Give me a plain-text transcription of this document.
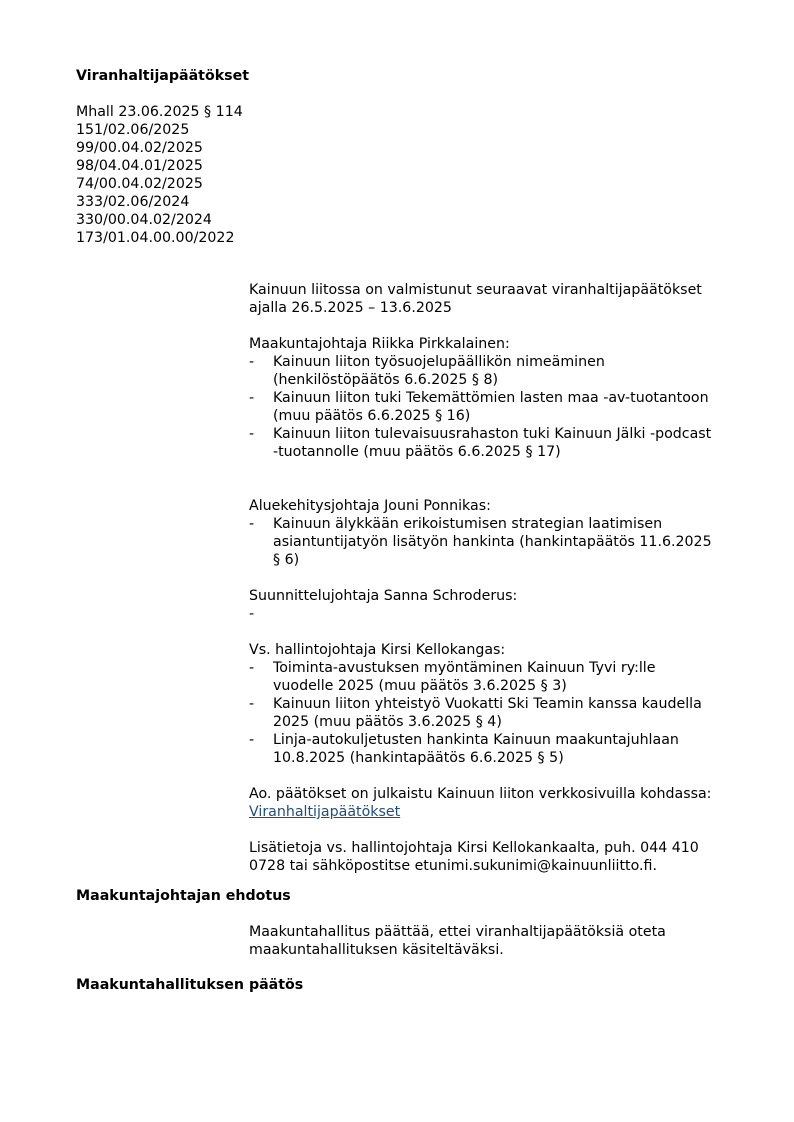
Viranhaltijapäätökset
Mhall 23.06.2025 § 114
151/02.06/2025
99/00.04.02/2025
98/04.04.01/2025
74/00.04.02/2025
333/02.06/2024
330/00.04.02/2024
173/01.04.00.00/2022

Kainuun liitossa on valmistunut seuraavat viranhaltijapäätökset
ajalla 26.5.2025 – 13.6.2025

Maakuntajohtaja Riikka Pirkkalainen:

- Kainuun liiton työsuojelupäällikön nimeäminen
(henkilöstöpäätös 6.6.2025 § 8)
- Kainuun liiton tuki Tekemättömien lasten maa -av-tuotantoon
(muu päätös 6.6.2025 § 16)
- Kainuun liiton tulevaisuusrahaston tuki Kainuun Jälki -podcast
-tuotannolle (muu päätös 6.6.2025 § 17)

Aluekehitysjohtaja Jouni Ponnikas:

- Kainuun älykkään erikoistumisen strategian laatimisen
asiantuntijatyön lisätyön hankinta (hankintapäätös 11.6.2025
§ 6)

Suunnittelujohtaja Sanna Schroderus:

-

Vs. hallintojohtaja Kirsi Kellokangas:

- Toiminta-avustuksen myöntäminen Kainuun Tyvi ry:lle
vuodelle 2025 (muu päätös 3.6.2025 § 3)
- Kainuun liiton yhteistyö Vuokatti Ski Teamin kanssa kaudella
2025 (muu päätös 3.6.2025 § 4)
- Linja-autokuljetusten hankinta Kainuun maakuntajuhlaan
10.8.2025 (hankintapäätös 6.6.2025 § 5)

Ao. päätökset on julkaistu Kainuun liiton verkkosivuilla kohdassa:
Viranhaltijapäätökset

Lisätietoja vs. hallintojohtaja Kirsi Kellokankaalta, puh. 044 410
0728 tai sähköpostitse etunimi.sukunimi@kainuunliitto.fi.

Maakuntajohtajan ehdotus

Maakuntahallitus päättää, ettei viranhaltijapäätöksiä oteta
maakuntahallituksen käsiteltäväksi.

Maakuntahallituksen päätös
